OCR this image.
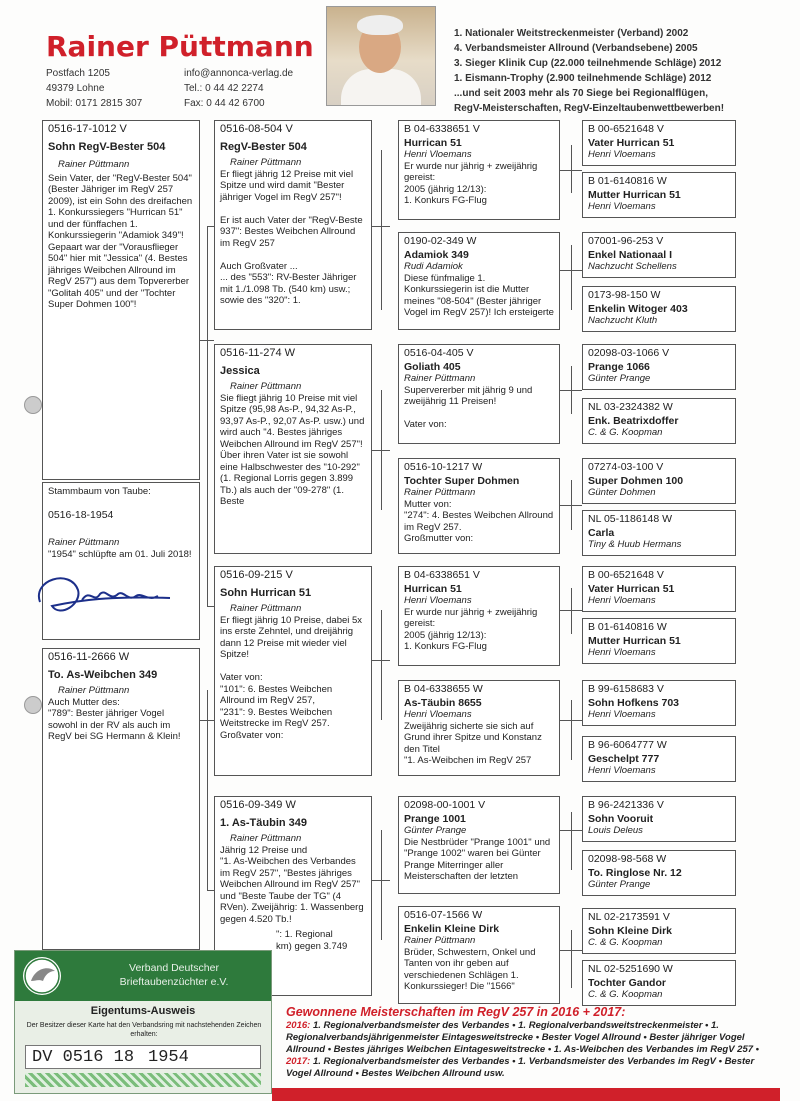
Rainer Püttmann
Postfach 1205
49379 Lohne
Mobil: 0171 2815 307
info@annonca-verlag.de
Tel.: 0 44 42 2274
Fax: 0 44 42 6700
1. Nationaler Weitstreckenmeister (Verband) 2002
4. Verbandsmeister Allround (Verbandsebene) 2005
3. Sieger Klinik Cup (22.000 teilnehmende Schläge) 2012
1. Eismann-Trophy (2.900 teilnehmende Schläge) 2012
...und seit 2003 mehr als 70 Siege bei Regionalflügen,
RegV-Meisterschaften, RegV-Einzeltaubenwettbewerben!
0516-17-1012 V
Sohn RegV-Bester 504
Rainer Püttmann
Sein Vater, der "RegV-Bester 504" (Bester Jähriger im RegV 257 2009), ist ein Sohn des dreifachen 1. Konkurssiegers "Hurrican 51" und der fünffachen 1. Konkurssiegerin "Adamiok 349"! Gepaart war der "Vorausflieger 504" hier mit "Jessica" (4. Bestes jähriges Weibchen Allround im RegV 257") aus dem Topvererber "Golitah 405" und der "Tochter Super Dohmen 100"!
Stammbaum von Taube:
0516-18-1954
Rainer Püttmann
"1954" schlüpfte am 01. Juli 2018!
0516-11-2666 W
To. As-Weibchen 349
Rainer Püttmann
Auch Mutter des:
"789": Bester jähriger Vogel sowohl in der RV als auch im RegV bei SG Hermann & Klein!
0516-08-504 V
RegV-Bester 504
Rainer Püttmann
Er fliegt jährig 12 Preise mit viel Spitze und wird damit "Bester jähriger Vogel im RegV 257"!

Er ist auch Vater der "RegV-Beste 937": Bestes Weibchen Allround im RegV 257

Auch Großvater ...
... des "553": RV-Bester Jähriger mit 1./1.098 Tb. (540 km) usw.; sowie des "320": 1.
0516-11-274 W
Jessica
Rainer Püttmann
Sie fliegt jährig 10 Preise mit viel Spitze (95,98 As-P., 94,32 As-P., 93,97 As-P., 92,07 As-P. usw.) und wird auch "4. Bestes jähriges Weibchen Allround im RegV 257"! Über ihren Vater ist sie sowohl eine Halbschwester des "10-292" (1. Regional Lorris gegen 3.899 Tb.) als auch der "09-278" (1. Beste
0516-09-215 V
Sohn Hurrican 51
Rainer Püttmann
Er fliegt jährig 10 Preise, dabei 5x ins erste Zehntel, und dreijährig dann 12 Preise mit wieder viel Spitze!

Vater von:
"101": 6. Bestes Weibchen Allround im RegV 257,
"231": 9. Bestes Weibchen Weitstrecke im RegV 257.
Großvater von:
0516-09-349 W
1. As-Täubin 349
Rainer Püttmann
Jährig 12 Preise und
"1. As-Weibchen des Verbandes im RegV 257", "Bestes jähriges Weibchen Allround im RegV 257" und "Beste Taube der TG" (4 RVen). Zweijährig: 1. Wassenberg gegen 4.520 Tb.!
": 1. Regional
km) gegen 3.749
B 04-6338651 V
Hurrican 51
Henri Vloemans
Er wurde nur jährig + zweijährig gereist:
2005 (jährig 12/13):
1. Konkurs FG-Flug
0190-02-349 W
Adamiok 349
Rudi Adamiok
Diese fünfmalige 1. Konkurssiegerin ist die Mutter meines "08-504" (Bester jähriger Vogel im RegV 257)! Ich ersteigerte
0516-04-405 V
Goliath 405
Rainer Püttmann
Supervererber mit jährig 9 und zweijährig 11 Preisen!

Vater von:
0516-10-1217 W
Tochter Super Dohmen
Rainer Püttmann
Mutter von:
"274": 4. Bestes Weibchen Allround im RegV 257.
Großmutter von:
B 04-6338651 V
Hurrican 51
Henri Vloemans
Er wurde nur jährig + zweijährig gereist:
2005 (jährig 12/13):
1. Konkurs FG-Flug
B 04-6338655 W
As-Täubin 8655
Henri Vloemans
Zweijährig sicherte sie sich auf Grund ihrer Spitze und Konstanz den Titel
"1. As-Weibchen im RegV 257
02098-00-1001 V
Prange 1001
Günter Prange
Die Nestbrüder "Prange 1001" und "Prange 1002" waren bei Günter Prange Miterringer aller Meisterschaften der letzten
0516-07-1566 W
Enkelin Kleine Dirk
Rainer Püttmann
Brüder, Schwestern, Onkel und Tanten von ihr geben auf verschiedenen Schlägen 1. Konkurssieger! Die "1566"
B 00-6521648 V
Vater Hurrican 51
Henri Vloemans
B 01-6140816 W
Mutter Hurrican 51
Henri Vloemans
07001-96-253 V
Enkel Nationaal I
Nachzucht Schellens
0173-98-150 W
Enkelin Witoger 403
Nachzucht Kluth
02098-03-1066 V
Prange 1066
Günter Prange
NL 03-2324382 W
Enk. Beatrixdoffer
C. & G. Koopman
07274-03-100 V
Super Dohmen 100
Günter Dohmen
NL 05-1186148 W
Carla
Tiny & Huub Hermans
B 00-6521648 V
Vater Hurrican 51
Henri Vloemans
B 01-6140816 W
Mutter Hurrican 51
Henri Vloemans
B 99-6158683 V
Sohn Hofkens 703
Henri Vloemans
B 96-6064777 W
Geschelpt 777
Henri Vloemans
B 96-2421336 V
Sohn Vooruit
Louis Deleus
02098-98-568 W
To. Ringlose Nr. 12
Günter Prange
NL 02-2173591 V
Sohn Kleine Dirk
C. & G. Koopman
NL 02-5251690 W
Tochter Gandor
C. & G. Koopman
Verband Deutscher
Brieftaubenzüchter e.V.
Eigentums-Ausweis
Der Besitzer dieser Karte hat den Verbandsring mit nachstehenden Zeichen erhalten:
DV 0516 18 1954
Gewonnene Meisterschaften im RegV 257 in 2016 + 2017:
2016: 1. Regionalverbandsmeister des Verbandes • 1. Regionalverbandsweitstreckenmeister • 1. Regionalverbandsjährigenmeister Eintagesweitstrecke • Bester Vogel Allround • Bester jähriger Vogel Allround • Bestes jähriges Weibchen Eintagesweitstrecke • 1. As-Weibchen des Verbandes im RegV 257 • 2017: 1. Regionalverbandsmeister des Verbandes • 1. Verbandsmeister des Verbandes im RegV • Bester Vogel Allround • Bestes Weibchen Allround usw.
